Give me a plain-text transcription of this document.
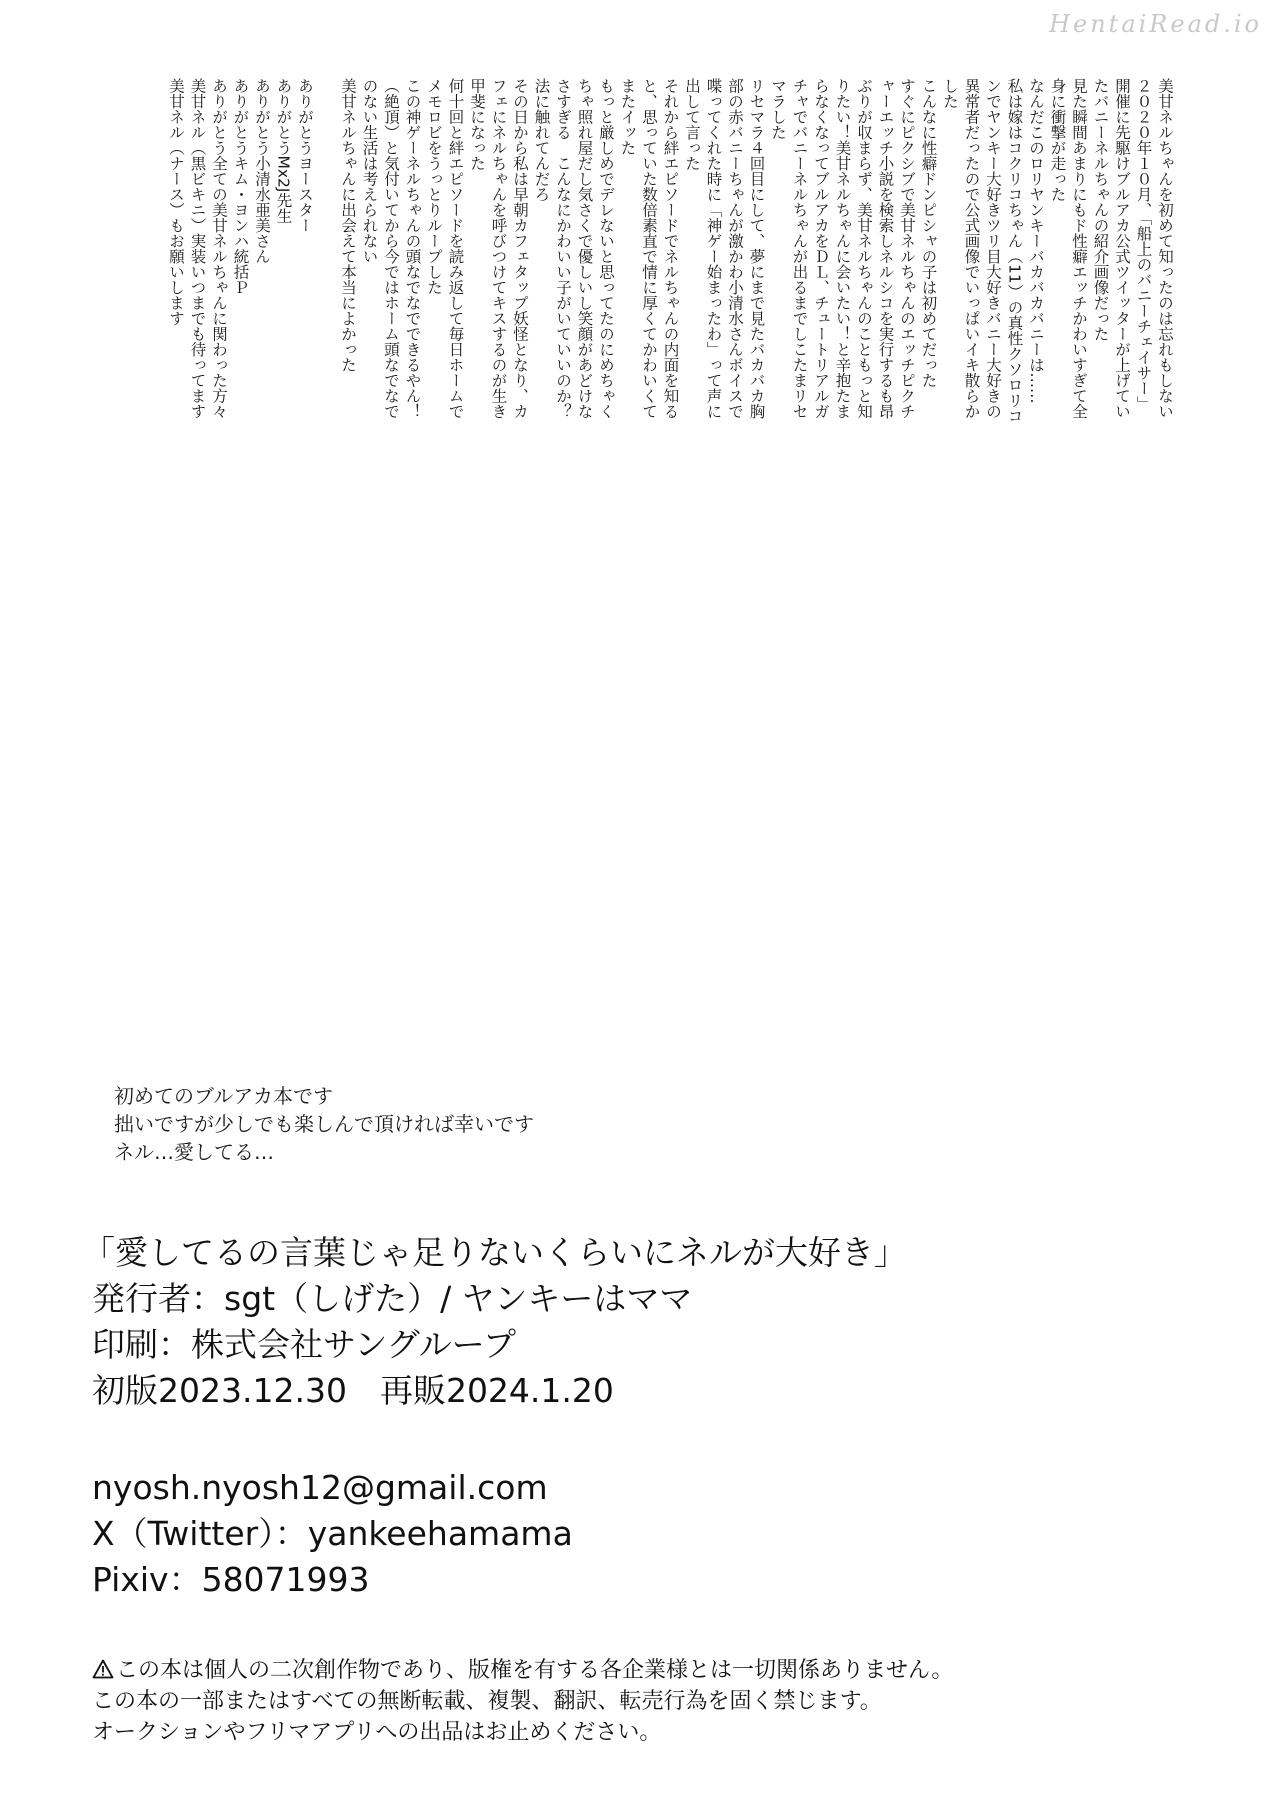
HentaiRead.io
美甘ネルちゃんを初めて知ったのは忘れもしない
２０２０年１０月、「船上のバニーチェイサー」
開催に先駆けブルアカ公式ツイッターが上げてい
たバニーネルちゃんの紹介画像だった
見た瞬間あまりにもド性癖エッチかわいすぎて全
身に衝撃が走った
なんだこのロリヤンキーバカバカバニーは……
私は嫁はコクリコちゃん（11）の真性クソロリコ
ンでヤンキー大好きツリ目大好きバニー大好きの
異常者だったので公式画像でいっぱいイキ散らか
した
こんなに性癖ドンピシャの子は初めてだった
すぐにピクシブで美甘ネルちゃんのエッチピクチ
ャーエッチ小説を検索しネルシコを実行するも昂
ぶりが収まらず、美甘ネルちゃんのこともっと知
りたい！美甘ネルちゃんに会いたい！と辛抱たま
らなくなってブルアカをＤＬ、チュートリアルガ
チャでバニーネルちゃんが出るまでしこたまリセ
マラした
リセマラ４回目にして、夢にまで見たバカバカ胸
部の赤バニーちゃんが激かわ小清水さんボイスで
喋ってくれた時に「神ゲー始まったわ」って声に
出して言った
それから絆エピソードでネルちゃんの内面を知る
と、思っていた数倍素直で情に厚くてかわいくて
またイッた
もっと厳しめでデレないと思ってたのにめちゃく
ちゃ照れ屋だし気さくで優しいし笑顔があどけな
さすぎる　こんなにかわいい子がいていいのか？
法に触れてんだろ
その日から私は早朝カフェタップ妖怪となり、カ
フェにネルちゃんを呼びつけてキスするのが生き
甲斐になった
何十回と絆エピソードを読み返して毎日ホームで
メモロビをうっとりループした
この神ゲーネルちゃんの頭なでなでできるやん！
（絶頂）と気付いてから今ではホーム頭なでなで
のない生活は考えられない
美甘ネルちゃんに出会えて本当によかった
ありがとうヨースター
ありがとうMx2J先生
ありがとう小清水亜美さん
ありがとうキム・ヨンハ統括Ｐ
ありがとう全ての美甘ネルちゃんに関わった方々
美甘ネル（黒ビキニ）実装いつまでも待ってます
美甘ネル（ナース）もお願いします
初めてのブルアカ本です
拙いですが少しでも楽しんで頂ければ幸いです
ネル…愛してる…
「愛してるの言葉じゃ足りないくらいにネルが大好き」
発行者：sgt（しげた）/ ヤンキーはママ
印刷：株式会社サングループ
初版2023.12.30　再販2024.1.20
nyosh.nyosh12@gmail.com
X（Twitter）：yankeehamama
Pixiv：58071993
この本は個人の二次創作物であり、版権を有する各企業様とは一切関係ありません。
この本の一部またはすべての無断転載、複製、翻訳、転売行為を固く禁じます。
オークションやフリマアプリへの出品はお止めください。
